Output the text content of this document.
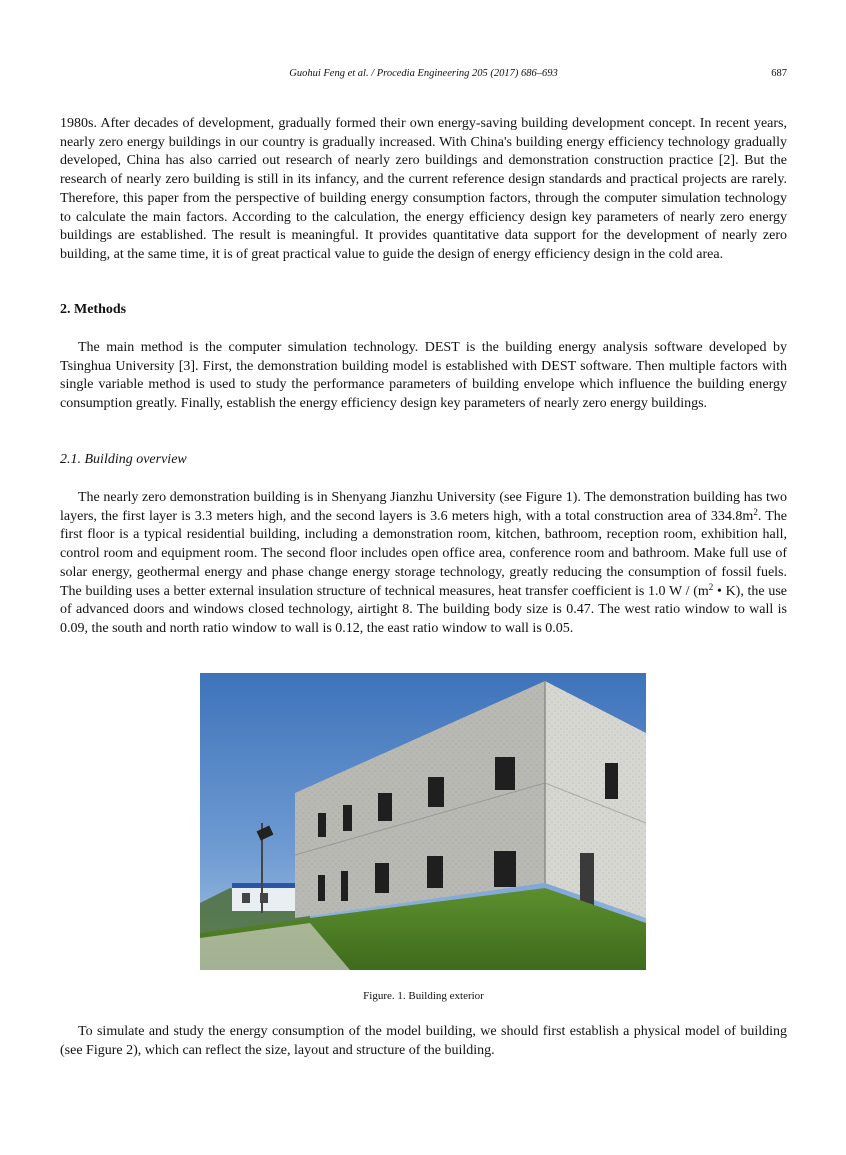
Guohui Feng et al. / Procedia Engineering 205 (2017) 686–693	687

1980s. After decades of development, gradually formed their own energy-saving building development concept. In recent years, nearly zero energy buildings in our country is gradually increased. With China's building energy efficiency technology gradually developed, China has also carried out research of nearly zero buildings and demonstration construction practice [2]. But the research of nearly zero building is still in its infancy, and the current reference design standards and practical projects are rarely. Therefore, this paper from the perspective of building energy consumption factors, through the computer simulation technology to calculate the main factors. According to the calculation, the energy efficiency design key parameters of nearly zero energy buildings are established. The result is meaningful. It provides quantitative data support for the development of nearly zero building, at the same time, it is of great practical value to guide the design of energy efficiency design in the cold area.

2. Methods

The main method is the computer simulation technology. DEST is the building energy analysis software developed by Tsinghua University [3]. First, the demonstration building model is established with DEST software. Then multiple factors with single variable method is used to study the performance parameters of building envelope which influence the building energy consumption greatly. Finally, establish the energy efficiency design key parameters of nearly zero energy buildings.

2.1. Building overview

The nearly zero demonstration building is in Shenyang Jianzhu University (see Figure 1). The demonstration building has two layers, the first layer is 3.3 meters high, and the second layers is 3.6 meters high, with a total construction area of $334.8m^2$. The first floor is a typical residential building, including a demonstration room, kitchen, bathroom, reception room, exhibition hall, control room and equipment room. The second floor includes open office area, conference room and bathroom. Make full use of solar energy, geothermal energy and phase change energy storage technology, greatly reducing the consumption of fossil fuels. The building uses a better external insulation structure of technical measures, heat transfer coefficient is 1.0 W / ($m^2$ • K), the use of advanced doors and windows closed technology, airtight 8. The building body size is 0.47. The west ratio window to wall is 0.09, the south and north ratio window to wall is 0.12, the east ratio window to wall is 0.05.

Figure. 1. Building exterior

To simulate and study the energy consumption of the model building, we should first establish a physical model of building (see Figure 2), which can reflect the size, layout and structure of the building.
